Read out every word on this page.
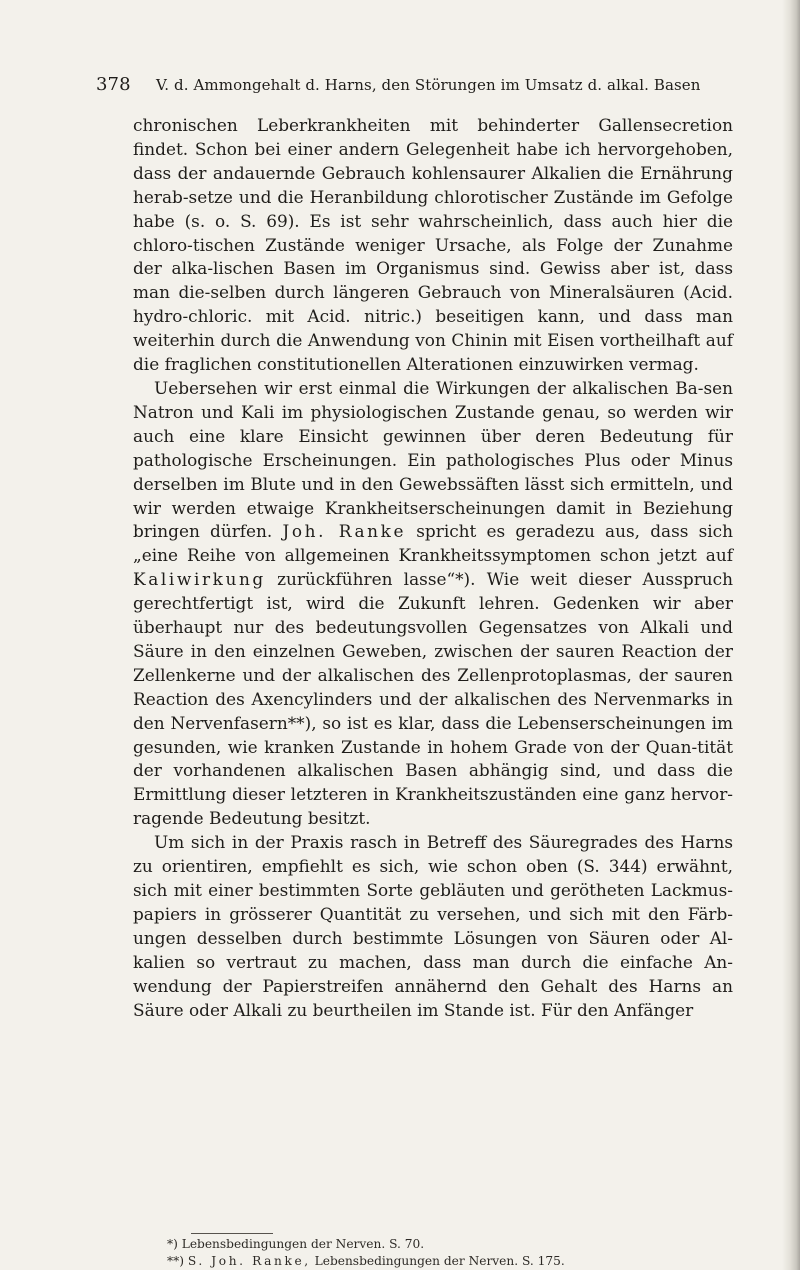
378 V. d. Ammongehalt d. Harns, den Störungen im Umsatz d. alkal. Basen

chronischen Leberkrankheiten mit behinderter Gallensecretion findet. Schon bei einer andern Gelegenheit habe ich hervorgehoben, dass der andauernde Gebrauch kohlensaurer Alkalien die Ernährung herab-setze und die Heranbildung chlorotischer Zustände im Gefolge habe (s. o. S. 69). Es ist sehr wahrscheinlich, dass auch hier die chloro-tischen Zustände weniger Ursache, als Folge der Zunahme der alka-lischen Basen im Organismus sind. Gewiss aber ist, dass man die-selben durch längeren Gebrauch von Mineralsäuren (Acid. hydro-chloric. mit Acid. nitric.) beseitigen kann, und dass man weiterhin durch die Anwendung von Chinin mit Eisen vortheilhaft auf die fraglichen constitutionellen Alterationen einzuwirken vermag.

Uebersehen wir erst einmal die Wirkungen der alkalischen Ba-sen Natron und Kali im physiologischen Zustande genau, so werden wir auch eine klare Einsicht gewinnen über deren Bedeutung für pathologische Erscheinungen. Ein pathologisches Plus oder Minus derselben im Blute und in den Gewebssäften lässt sich ermitteln, und wir werden etwaige Krankheitserscheinungen damit in Beziehung bringen dürfen. Joh. Ranke spricht es geradezu aus, dass sich „eine Reihe von allgemeinen Krankheitssymptomen schon jetzt auf Kaliwirkung zurückführen lasse“*). Wie weit dieser Ausspruch gerechtfertigt ist, wird die Zukunft lehren. Gedenken wir aber überhaupt nur des bedeutungsvollen Gegensatzes von Alkali und Säure in den einzelnen Geweben, zwischen der sauren Reaction der Zellenkerne und der alkalischen des Zellenprotoplasmas, der sauren Reaction des Axencylinders und der alkalischen des Nervenmarks in den Nervenfasern**), so ist es klar, dass die Lebenserscheinungen im gesunden, wie kranken Zustande in hohem Grade von der Quan-tität der vorhandenen alkalischen Basen abhängig sind, und dass die Ermittlung dieser letzteren in Krankheitszuständen eine ganz hervor-ragende Bedeutung besitzt.

Um sich in der Praxis rasch in Betreff des Säuregrades des Harns zu orientiren, empfiehlt es sich, wie schon oben (S. 344) erwähnt, sich mit einer bestimmten Sorte gebläuten und gerötheten Lackmus-papiers in grösserer Quantität zu versehen, und sich mit den Färb-ungen desselben durch bestimmte Lösungen von Säuren oder Al-kalien so vertraut zu machen, dass man durch die einfache An-wendung der Papierstreifen annähernd den Gehalt des Harns an Säure oder Alkali zu beurtheilen im Stande ist. Für den Anfänger

*) Lebensbedingungen der Nerven. S. 70.
**) S. Joh. Ranke, Lebensbedingungen der Nerven. S. 175.
